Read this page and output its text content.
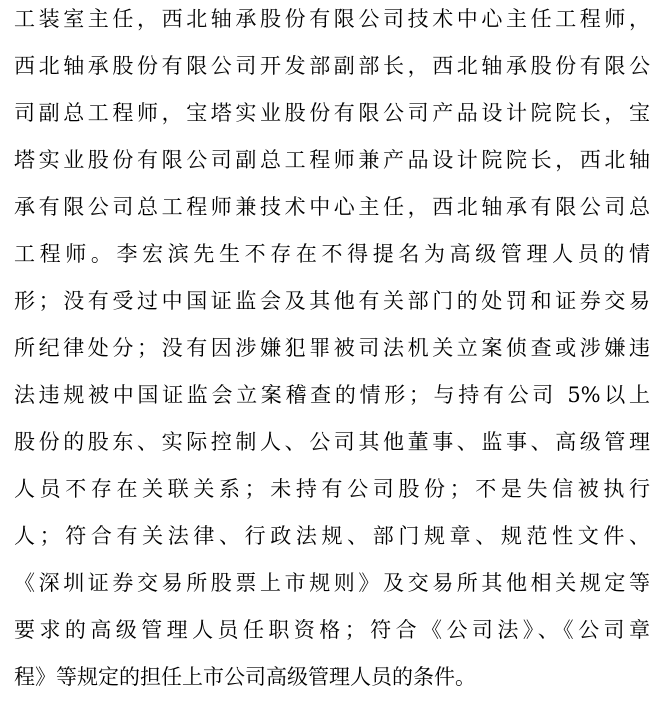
工装室主任，西北轴承股份有限公司技术中心主任工程师，
西北轴承股份有限公司开发部副部长，西北轴承股份有限公
司副总工程师，宝塔实业股份有限公司产品设计院院长，宝
塔实业股份有限公司副总工程师兼产品设计院院长，西北轴
承有限公司总工程师兼技术中心主任，西北轴承有限公司总
工程师。李宏滨先生不存在不得提名为高级管理人员的情
形；没有受过中国证监会及其他有关部门的处罚和证券交易
所纪律处分；没有因涉嫌犯罪被司法机关立案侦查或涉嫌违
法违规被中国证监会立案稽查的情形；与持有公司 5%以上
股份的股东、实际控制人、公司其他董事、监事、高级管理
人员不存在关联关系；未持有公司股份；不是失信被执行
人；符合有关法律、行政法规、部门规章、规范性文件、
《深圳证券交易所股票上市规则》及交易所其他相关规定等
要求的高级管理人员任职资格；符合《公司法》、《公司章
程》等规定的担任上市公司高级管理人员的条件。
